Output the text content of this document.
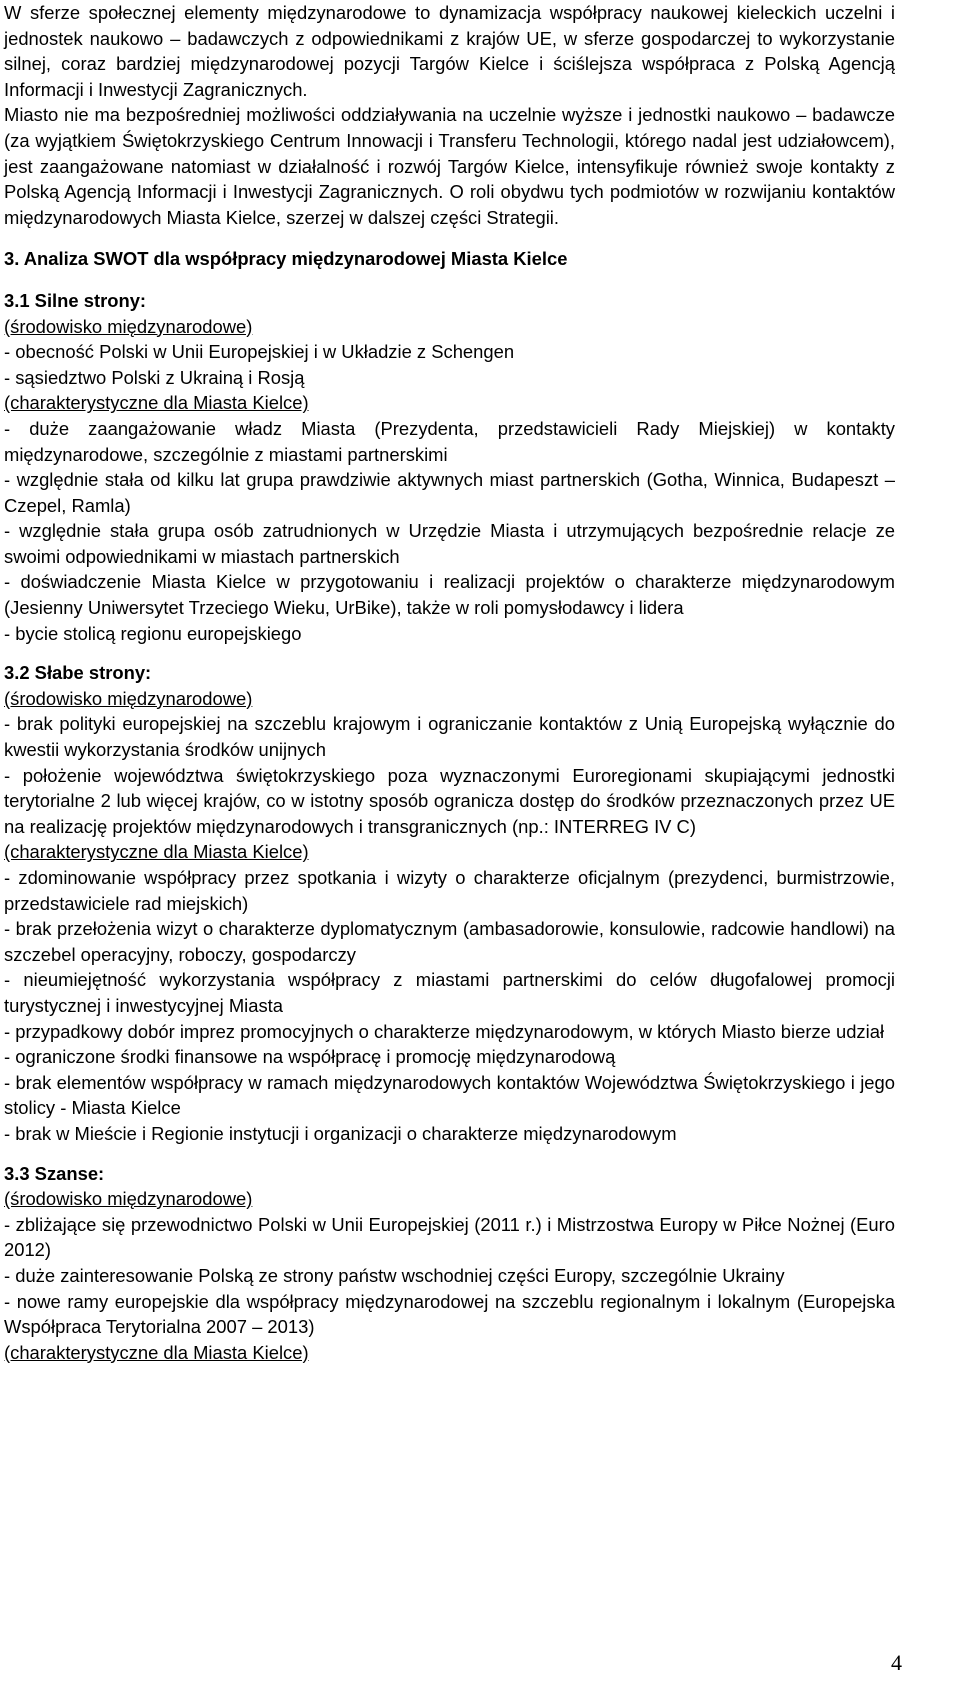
W sferze społecznej elementy międzynarodowe to dynamizacja współpracy naukowej kieleckich uczelni i jednostek naukowo – badawczych z odpowiednikami z krajów UE, w sferze gospodarczej to wykorzystanie silnej, coraz bardziej międzynarodowej pozycji Targów Kielce i ściślejsza współpraca z Polską Agencją Informacji i Inwestycji Zagranicznych.

Miasto nie ma bezpośredniej możliwości oddziaływania na uczelnie wyższe i jednostki naukowo – badawcze (za wyjątkiem Świętokrzyskiego Centrum Innowacji i Transferu Technologii, którego nadal jest udziałowcem), jest zaangażowane natomiast w działalność i rozwój Targów Kielce, intensyfikuje również swoje kontakty z Polską Agencją Informacji i Inwestycji Zagranicznych. O roli obydwu tych podmiotów w rozwijaniu kontaktów międzynarodowych Miasta Kielce, szerzej w dalszej części Strategii.

3. Analiza SWOT dla współpracy międzynarodowej Miasta Kielce

3.1 Silne strony:

(środowisko międzynarodowe)

- obecność Polski w Unii Europejskiej i w Układzie z Schengen

- sąsiedztwo Polski z Ukrainą i Rosją

(charakterystyczne dla Miasta Kielce)

- duże zaangażowanie władz Miasta (Prezydenta, przedstawicieli Rady Miejskiej) w kontakty międzynarodowe, szczególnie z miastami partnerskimi

- względnie stała od kilku lat grupa prawdziwie aktywnych miast partnerskich (Gotha, Winnica, Budapeszt – Czepel, Ramla)

- względnie stała grupa osób zatrudnionych w Urzędzie Miasta i utrzymujących bezpośrednie relacje ze swoimi odpowiednikami w miastach partnerskich

- doświadczenie Miasta Kielce w przygotowaniu i realizacji projektów o charakterze międzynarodowym (Jesienny Uniwersytet Trzeciego Wieku, UrBike), także w roli pomysłodawcy i lidera

- bycie stolicą regionu europejskiego

3.2 Słabe strony:

(środowisko międzynarodowe)

- brak polityki europejskiej na szczeblu krajowym i ograniczanie kontaktów z Unią Europejską wyłącznie do kwestii wykorzystania środków unijnych

- położenie województwa świętokrzyskiego poza wyznaczonymi Euroregionami skupiającymi jednostki terytorialne 2 lub więcej krajów, co w istotny sposób ogranicza dostęp do środków przeznaczonych przez UE na realizację projektów międzynarodowych i transgranicznych (np.: INTERREG IV C)

(charakterystyczne dla Miasta Kielce)

- zdominowanie współpracy przez spotkania i wizyty o charakterze oficjalnym (prezydenci, burmistrzowie, przedstawiciele rad miejskich)

- brak przełożenia wizyt o charakterze dyplomatycznym (ambasadorowie, konsulowie, radcowie handlowi) na szczebel operacyjny, roboczy, gospodarczy

- nieumiejętność wykorzystania współpracy z miastami partnerskimi do celów długofalowej promocji turystycznej i inwestycyjnej Miasta

- przypadkowy dobór imprez promocyjnych o charakterze międzynarodowym, w których Miasto bierze udział

- ograniczone środki finansowe na współpracę i promocję międzynarodową

- brak elementów współpracy w ramach międzynarodowych kontaktów Województwa Świętokrzyskiego i jego stolicy - Miasta Kielce

- brak w Mieście i Regionie instytucji i organizacji o charakterze międzynarodowym

3.3 Szanse:

(środowisko międzynarodowe)

- zbliżające się przewodnictwo Polski w Unii Europejskiej (2011 r.) i Mistrzostwa Europy w Piłce Nożnej (Euro 2012)

- duże zainteresowanie Polską ze strony państw wschodniej części Europy, szczególnie Ukrainy

- nowe ramy europejskie dla współpracy międzynarodowej na szczeblu regionalnym i lokalnym (Europejska Współpraca Terytorialna 2007 – 2013)

(charakterystyczne dla Miasta Kielce)

4
